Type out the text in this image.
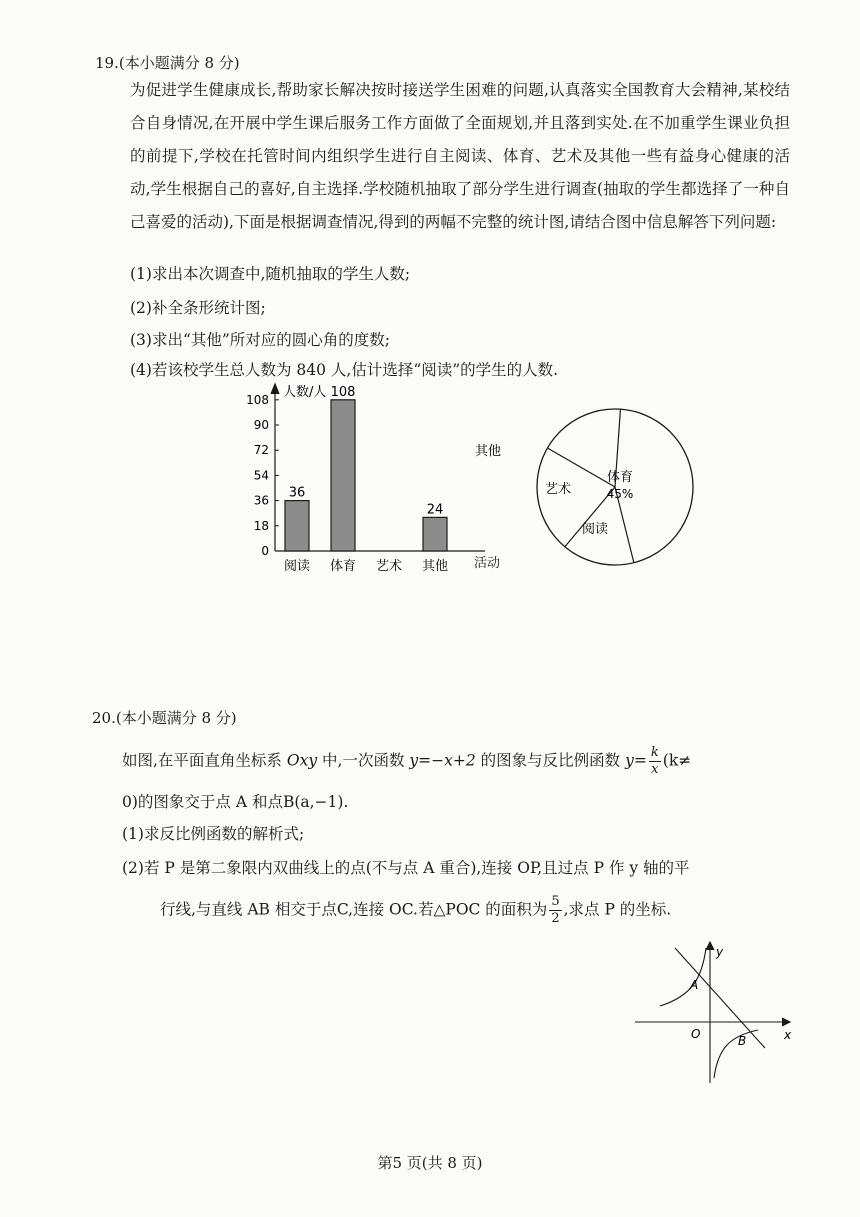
19.(本小题满分 8 分)
为促进学生健康成长,帮助家长解决按时接送学生困难的问题,认真落实全国教育大会精神,某校结合自身情况,在开展中学生课后服务工作方面做了全面规划,并且落到实处.在不加重学生课业负担的前提下,学校在托管时间内组织学生进行自主阅读、体育、艺术及其他一些有益身心健康的活动,学生根据自己的喜好,自主选择.学校随机抽取了部分学生进行调查(抽取的学生都选择了一种自己喜爱的活动),下面是根据调查情况,得到的两幅不完整的统计图,请结合图中信息解答下列问题:
(1)求出本次调查中,随机抽取的学生人数;
(2)补全条形统计图;
(3)求出“其他”所对应的圆心角的度数;
(4)若该校学生总人数为 840 人,估计选择“阅读”的学生的人数.
人数/人
0
18
36
54
72
90
108
36
108
24
阅读 体育 艺术 其他 活动
其他
体育
阅读
艺术	45%
20.(本小题满分 8 分)
如图,在平面直角坐标系 Oxy 中,一次函数 y=−x+2 的图象与反比例函数 $y= \frac{k}{x} (k\ne$
0)的图象交于点 A 和点B(a,−1).
(1)求反比例函数的解析式;
(2)若 P 是第二象限内双曲线上的点(不与点 A 重合),连接 OP,且过点 P 作 y 轴的平
行线,与直线 AB 相交于点C,连接 OC.若△POC 的面积为 $\frac{5}{2}$ ,求点 P 的坐标.
y
x
A
O	B
第5 页(共 8 页)
